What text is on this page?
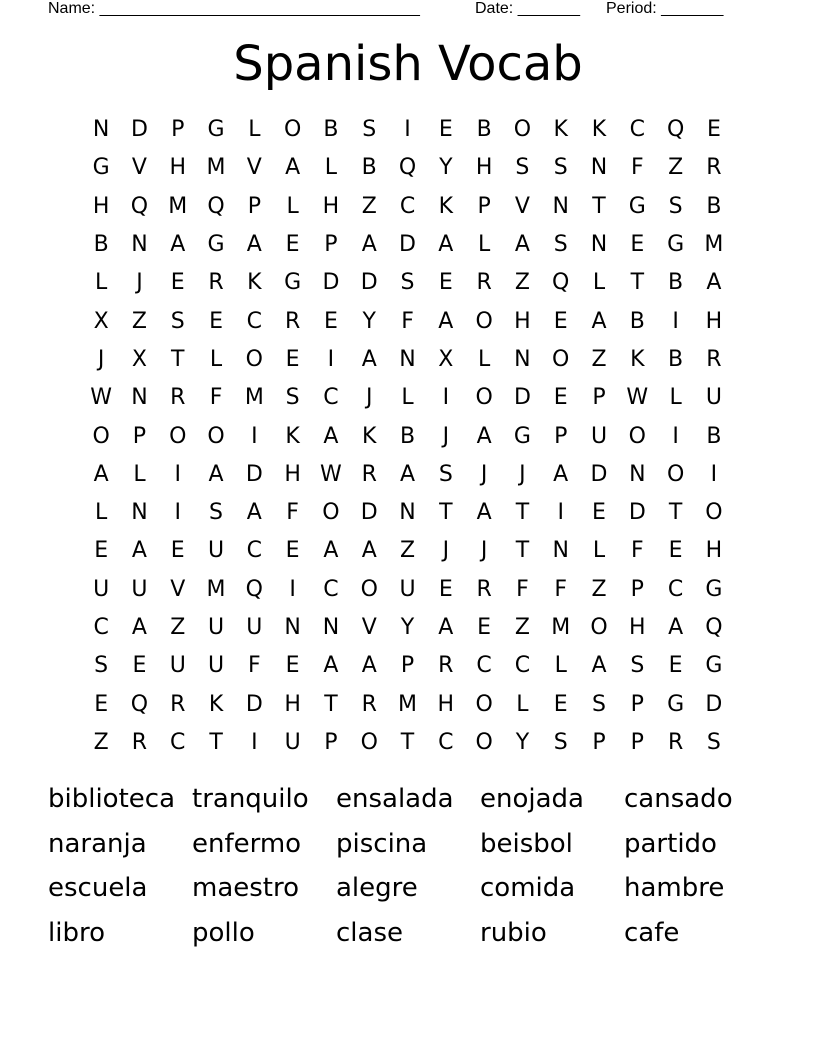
Name: ____________________________________	Date: _______ Period: _______
Spanish Vocab
N D	P	G	L	O	B	S	I	E	B	O	K	K	C Q	E
G	V	H M V	A	L	B	Q	Y	H	S	S	N	F	Z	R
H Q M Q	P	L	H	Z	C	K	P	V	N	T	G	S	B
B	N	A	G	A	E	P	A	D	A	L	A	S	N	E	G M
L	J	E	R	K	G D D	S	E	R	Z	Q	L	T	B	A
X	Z	S	E	C	R	E	Y	F	A	O H	E	A	B	I	H
J	X	T	L	O	E	I	A	N	X	L	N O	Z	K	B	R
W N	R	F	M S	C	J	L	I	O D	E	P W L	U
O	P	O O	I	K	A	K	B	J	A	G	P	U O	I	B
A	L	I	A	D H W R	A	S	J	J	A	D N O	I
L	N	I	S	A	F	O D N	T	A	T	I	E	D	T	O
E	A	E	U	C	E	A	A	Z	J	J	T	N	L	F	E	H
U	U	V M Q	I	C O U	E	R	F	F	Z	P	C	G
C	A	Z	U	U	N N	V	Y	A	E	Z M O H	A	Q
S	E	U	U	F	E	A	A	P	R	C	C	L	A	S	E	G
E	Q R	K	D H	T	R M H O	L	E	S	P	G D
Z	R	C	T	I	U	P	O	T	C O	Y	S	P	P	R	S
biblioteca tranquilo	ensalada	enojada	cansado
naranja	enfermo	piscina	beisbol	partido
escuela	maestro	alegre	comida	hambre
libro	pollo	clase	rubio	cafe
